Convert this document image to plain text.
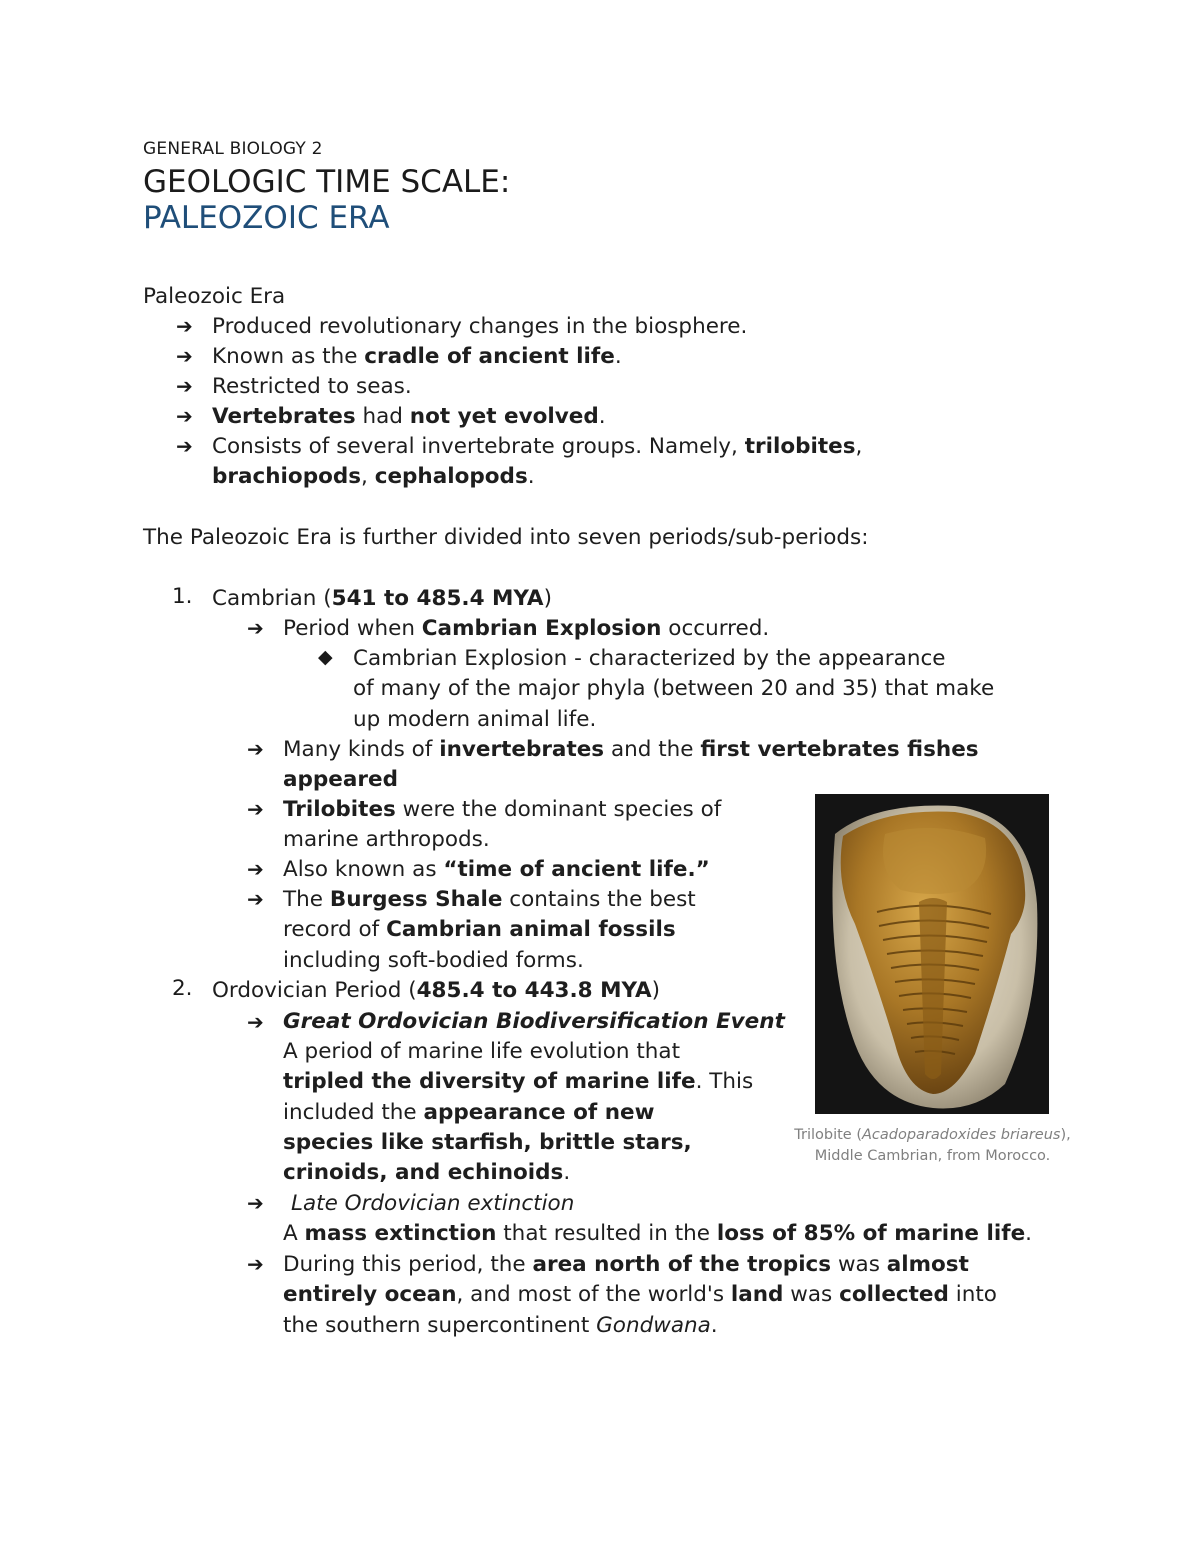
GENERAL BIOLOGY 2
GEOLOGIC TIME SCALE:
PALEOZOIC ERA
Paleozoic Era
➔ Produced revolutionary changes in the biosphere.
➔ Known as the cradle of ancient life.
➔ Restricted to seas.
➔ Vertebrates had not yet evolved.
➔ Consists of several invertebrate groups. Namely, trilobites,
brachiopods, cephalopods.
The Paleozoic Era is further divided into seven periods/sub-periods:
1. Cambrian (541 to 485.4 MYA)
➔ Period when Cambrian Explosion occurred.
◆ Cambrian Explosion - characterized by the appearance
of many of the major phyla (between 20 and 35) that make
up modern animal life.
➔ Many kinds of invertebrates and the first vertebrates fishes
appeared
➔ Trilobites were the dominant species of
marine arthropods.
➔ Also known as “time of ancient life.”
➔ The Burgess Shale contains the best
record of Cambrian animal fossils
including soft-bodied forms.
2. Ordovician Period (485.4 to 443.8 MYA)
➔ Great Ordovician Biodiversification Event
A period of marine life evolution that
tripled the diversity of marine life. This
included the appearance of new
species like starfish, brittle stars,
crinoids, and echinoids.
➔ Late Ordovician extinction
A mass extinction that resulted in the loss of 85% of marine life.
➔ During this period, the area north of the tropics was almost
entirely ocean, and most of the world's land was collected into
the southern supercontinent Gondwana.
Trilobite (Acadoparadoxides briareus), Middle Cambrian, from Morocco.
